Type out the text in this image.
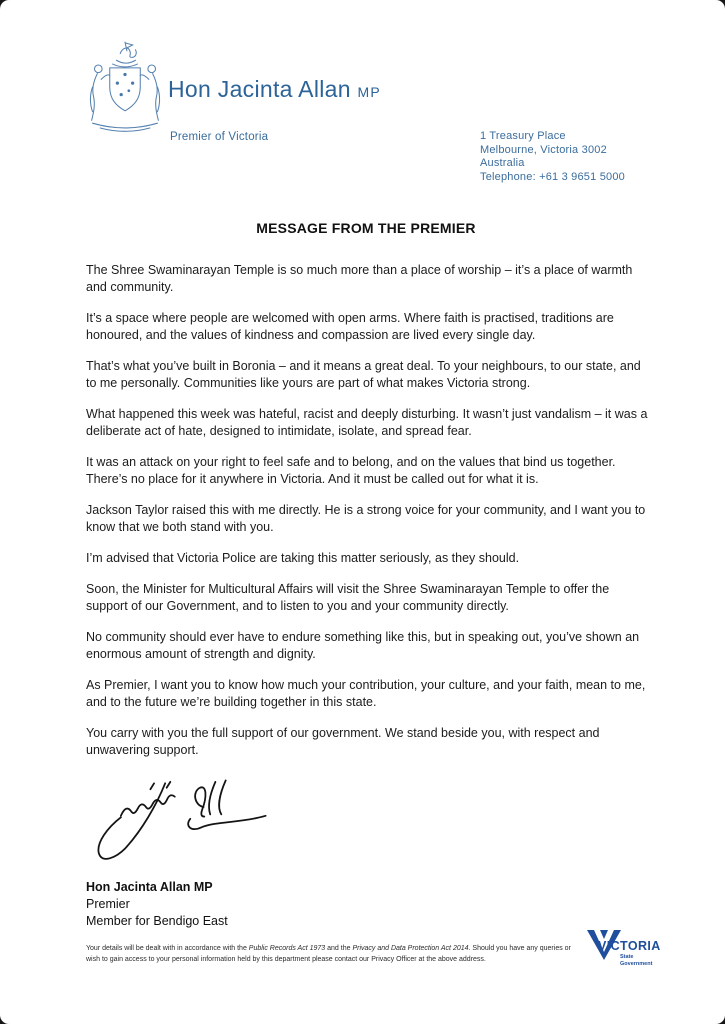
Hon Jacinta Allan MP
Premier of Victoria	1 Treasury Place
Melbourne, Victoria 3002 Australia
Telephone: +61 3 9651 5000
MESSAGE FROM THE PREMIER

The Shree Swaminarayan Temple is so much more than a place of worship – it’s a place of warmth and community.

It’s a space where people are welcomed with open arms. Where faith is practised, traditions are honoured, and the values of kindness and compassion are lived every single day.

That’s what you’ve built in Boronia – and it means a great deal. To your neighbours, to our state, and to me personally. Communities like yours are part of what makes Victoria strong.

What happened this week was hateful, racist and deeply disturbing. It wasn’t just vandalism – it was a deliberate act of hate, designed to intimidate, isolate, and spread fear.

It was an attack on your right to feel safe and to belong, and on the values that bind us together. There’s no place for it anywhere in Victoria. And it must be called out for what it is.

Jackson Taylor raised this with me directly. He is a strong voice for your community, and I want you to know that we both stand with you.

I’m advised that Victoria Police are taking this matter seriously, as they should.

Soon, the Minister for Multicultural Affairs will visit the Shree Swaminarayan Temple to offer the support of our Government, and to listen to you and your community directly.

No community should ever have to endure something like this, but in speaking out, you’ve shown an enormous amount of strength and dignity.

As Premier, I want you to know how much your contribution, your culture, and your faith, mean to me, and to the future we’re building together in this state.

You carry with you the full support of our government. We stand beside you, with respect and unwavering support.

Hon Jacinta Allan MP
Premier
Member for Bendigo East
Your details will be dealt with in accordance with the Public Records Act 1973 and the Privacy and Data Protection Act 2014. Should you have any queries or wish to gain access to your personal information held by this department please contact our Privacy Officer at the above address.
VICTORIA
State
Government
